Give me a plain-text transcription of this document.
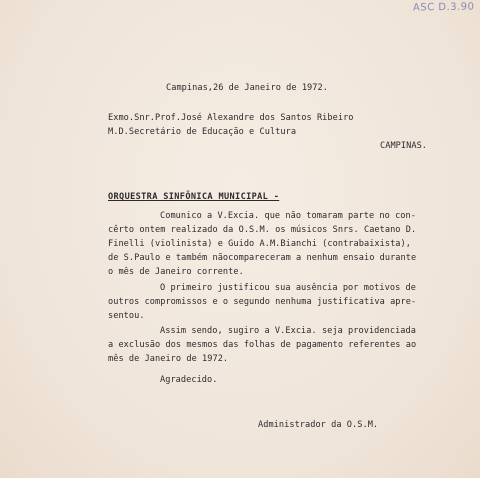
ASC D.3.90
Campinas,26 de Janeiro de 1972.
Exmo.Snr.Prof.José Alexandre dos Santos Ribeiro
M.D.Secretário de Educação e Cultura
CAMPINAS.
ORQUESTRA SINFÔNICA MUNICIPAL -
Comunico a V.Excia. que não tomaram parte no con-
cêrto ontem realizado da O.S.M. os músicos Snrs. Caetano D.
Finelli (violinista) e Guido A.M.Bianchi (contrabaixista),
de S.Paulo e também nãocompareceram a nenhum ensaio durante
o mês de Janeiro corrente.
O primeiro justificou sua ausência por motivos de
outros compromissos e o segundo nenhuma justificativa apre-
sentou.
Assim sendo, sugiro a V.Excia. seja providenciada
a exclusão dos mesmos das folhas de pagamento referentes ao
mês de Janeiro de 1972.
Agradecido.
Administrador da O.S.M.
